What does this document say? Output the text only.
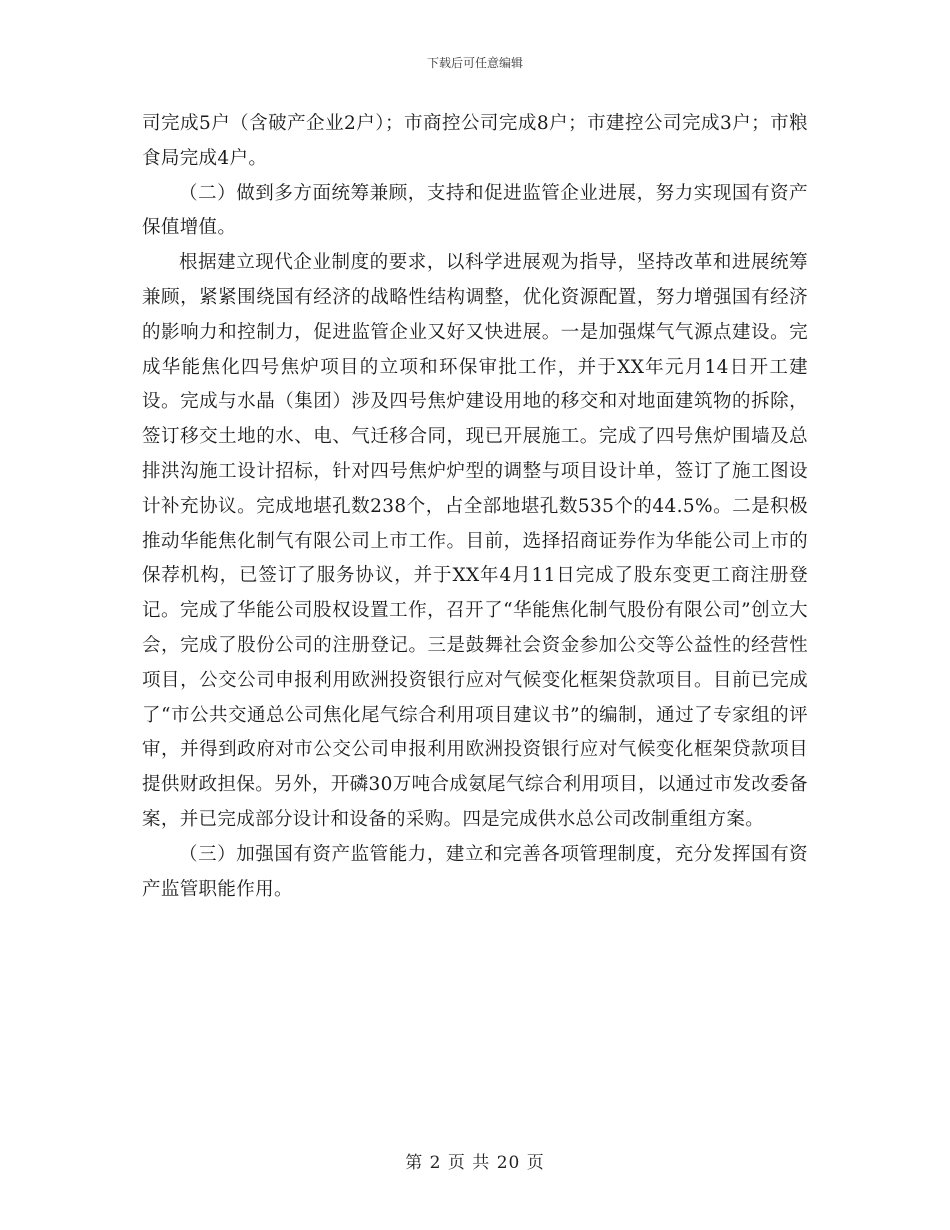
下载后可任意编辑

司完成5户（含破产企业2户）；市商控公司完成8户；市建控公司完成3户；市粮食局完成4户。

（二）做到多方面统筹兼顾，支持和促进监管企业进展，努力实现国有资产保值增值。

根据建立现代企业制度的要求，以科学进展观为指导，坚持改革和进展统筹兼顾，紧紧围绕国有经济的战略性结构调整，优化资源配置，努力增强国有经济的影响力和控制力，促进监管企业又好又快进展。一是加强煤气气源点建设。完成华能焦化四号焦炉项目的立项和环保审批工作，并于XX年元月14日开工建设。完成与水晶（集团）涉及四号焦炉建设用地的移交和对地面建筑物的拆除，签订移交土地的水、电、气迁移合同，现已开展施工。完成了四号焦炉围墙及总排洪沟施工设计招标，针对四号焦炉炉型的调整与项目设计单，签订了施工图设计补充协议。完成地堪孔数238个，占全部地堪孔数535个的44.5%。二是积极推动华能焦化制气有限公司上市工作。目前，选择招商证券作为华能公司上市的保荐机构，已签订了服务协议，并于XX年4月11日完成了股东变更工商注册登记。完成了华能公司股权设置工作，召开了“华能焦化制气股份有限公司”创立大会，完成了股份公司的注册登记。三是鼓舞社会资金参加公交等公益性的经营性项目，公交公司申报利用欧洲投资银行应对气候变化框架贷款项目。目前已完成了“市公共交通总公司焦化尾气综合利用项目建议书”的编制，通过了专家组的评审，并得到政府对市公交公司申报利用欧洲投资银行应对气候变化框架贷款项目提供财政担保。另外，开磷30万吨合成氨尾气综合利用项目，以通过市发改委备案，并已完成部分设计和设备的采购。四是完成供水总公司改制重组方案。

（三）加强国有资产监管能力，建立和完善各项管理制度，充分发挥国有资产监管职能作用。

第 2 页 共 20 页
